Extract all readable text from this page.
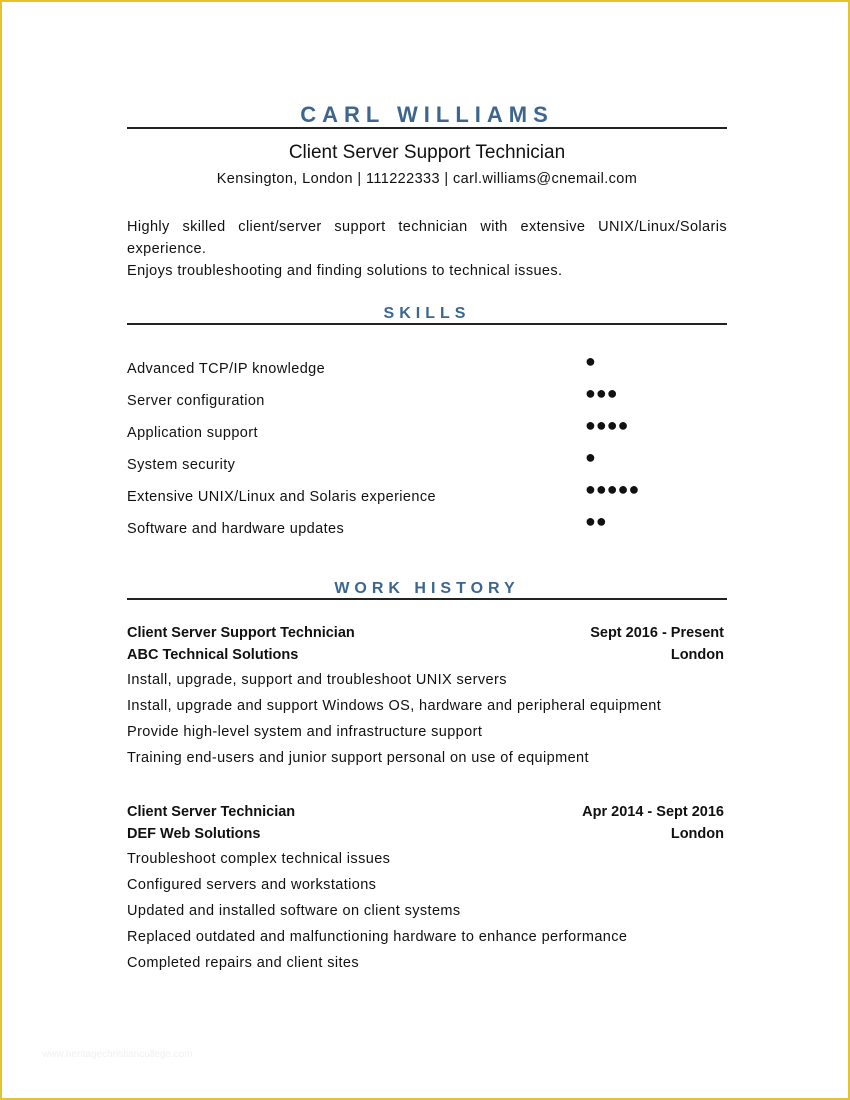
CARL WILLIAMS
Client Server Support Technician
Kensington, London | 111222333 | carl.williams@cnemail.com
Highly skilled client/server support technician with extensive UNIX/Linux/Solaris
experience.
Enjoys troubleshooting and finding solutions to technical issues.
SKILLS
Advanced TCP/IP knowledge	●
Server configuration	●●●
Application support	●●●●
System security	●
Extensive UNIX/Linux and Solaris experience	●●●●●
Software and hardware updates	●●
WORK HISTORY
Client Server Support Technician	Sept 2016 - Present
ABC Technical Solutions	London
Install, upgrade, support and troubleshoot UNIX servers
Install, upgrade and support Windows OS, hardware and peripheral equipment
Provide high-level system and infrastructure support
Training end-users and junior support personal on use of equipment
Client Server Technician	Apr 2014 - Sept 2016
DEF Web Solutions	London
Troubleshoot complex technical issues
Configured servers and workstations
Updated and installed software on client systems
Replaced outdated and malfunctioning hardware to enhance performance
Completed repairs and client sites
www.heritagechristiancollege.com
